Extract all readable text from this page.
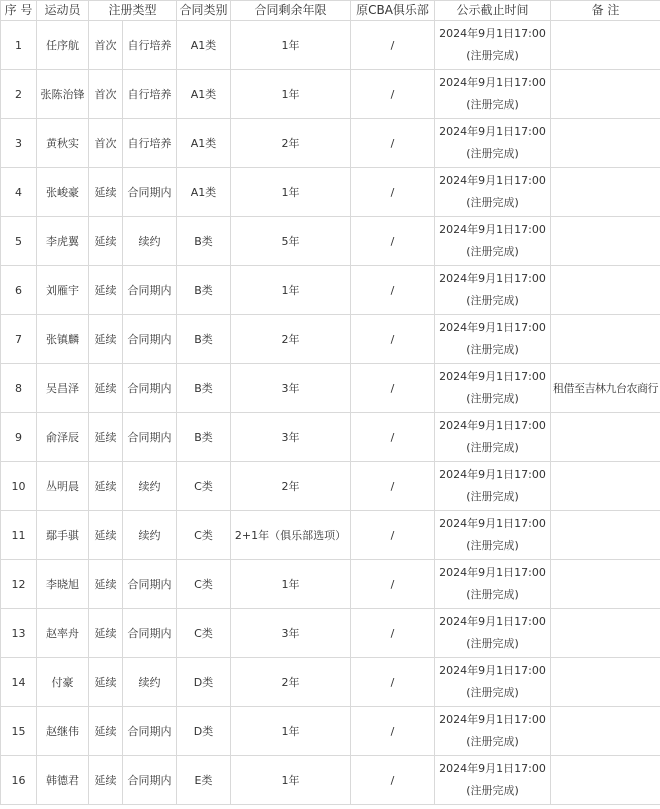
序 号	运动员	注册类型		合同类别	合同剩余年限	原CBA俱乐部	公示截止时间	备 注
1	任序航	首次	自行培养	A1类	1年	/	2024年9月1日17:00
(注册完成)	

2	张陈治锋	首次	自行培养	A1类	1年	/	2024年9月1日17:00
(注册完成)	

3	黄秋实	首次	自行培养	A1类	2年	/	2024年9月1日17:00
(注册完成)	

4	张峻豪	延续	合同期内	A1类	1年	/	2024年9月1日17:00
(注册完成)	

5	李虎翼	延续	续约	B类	5年	/	2024年9月1日17:00
(注册完成)	

6	刘雁宇	延续	合同期内	B类	1年	/	2024年9月1日17:00
(注册完成)	

7	张镇麟	延续	合同期内	B类	2年	/	2024年9月1日17:00
(注册完成)	

8	吴昌泽	延续	合同期内	B类	3年	/	2024年9月1日17:00
(注册完成)	租借至吉林九台农商行
9	俞泽辰	延续	合同期内	B类	3年	/	2024年9月1日17:00
(注册完成)	

10	丛明晨	延续	续约	C类	2年	/	2024年9月1日17:00
(注册完成)	

11	鄢手骐	延续	续约	C类	2+1年（俱乐部选项）	/	2024年9月1日17:00
(注册完成)	

12	李晓旭	延续	合同期内	C类	1年	/	2024年9月1日17:00
(注册完成)	

13	赵率舟	延续	合同期内	C类	3年	/	2024年9月1日17:00
(注册完成)	

14	付豪	延续	续约	D类	2年	/	2024年9月1日17:00
(注册完成)	

15	赵继伟	延续	合同期内	D类	1年	/	2024年9月1日17:00
(注册完成)	

16	韩德君	延续	合同期内	E类	1年	/	2024年9月1日17:00
(注册完成)	
